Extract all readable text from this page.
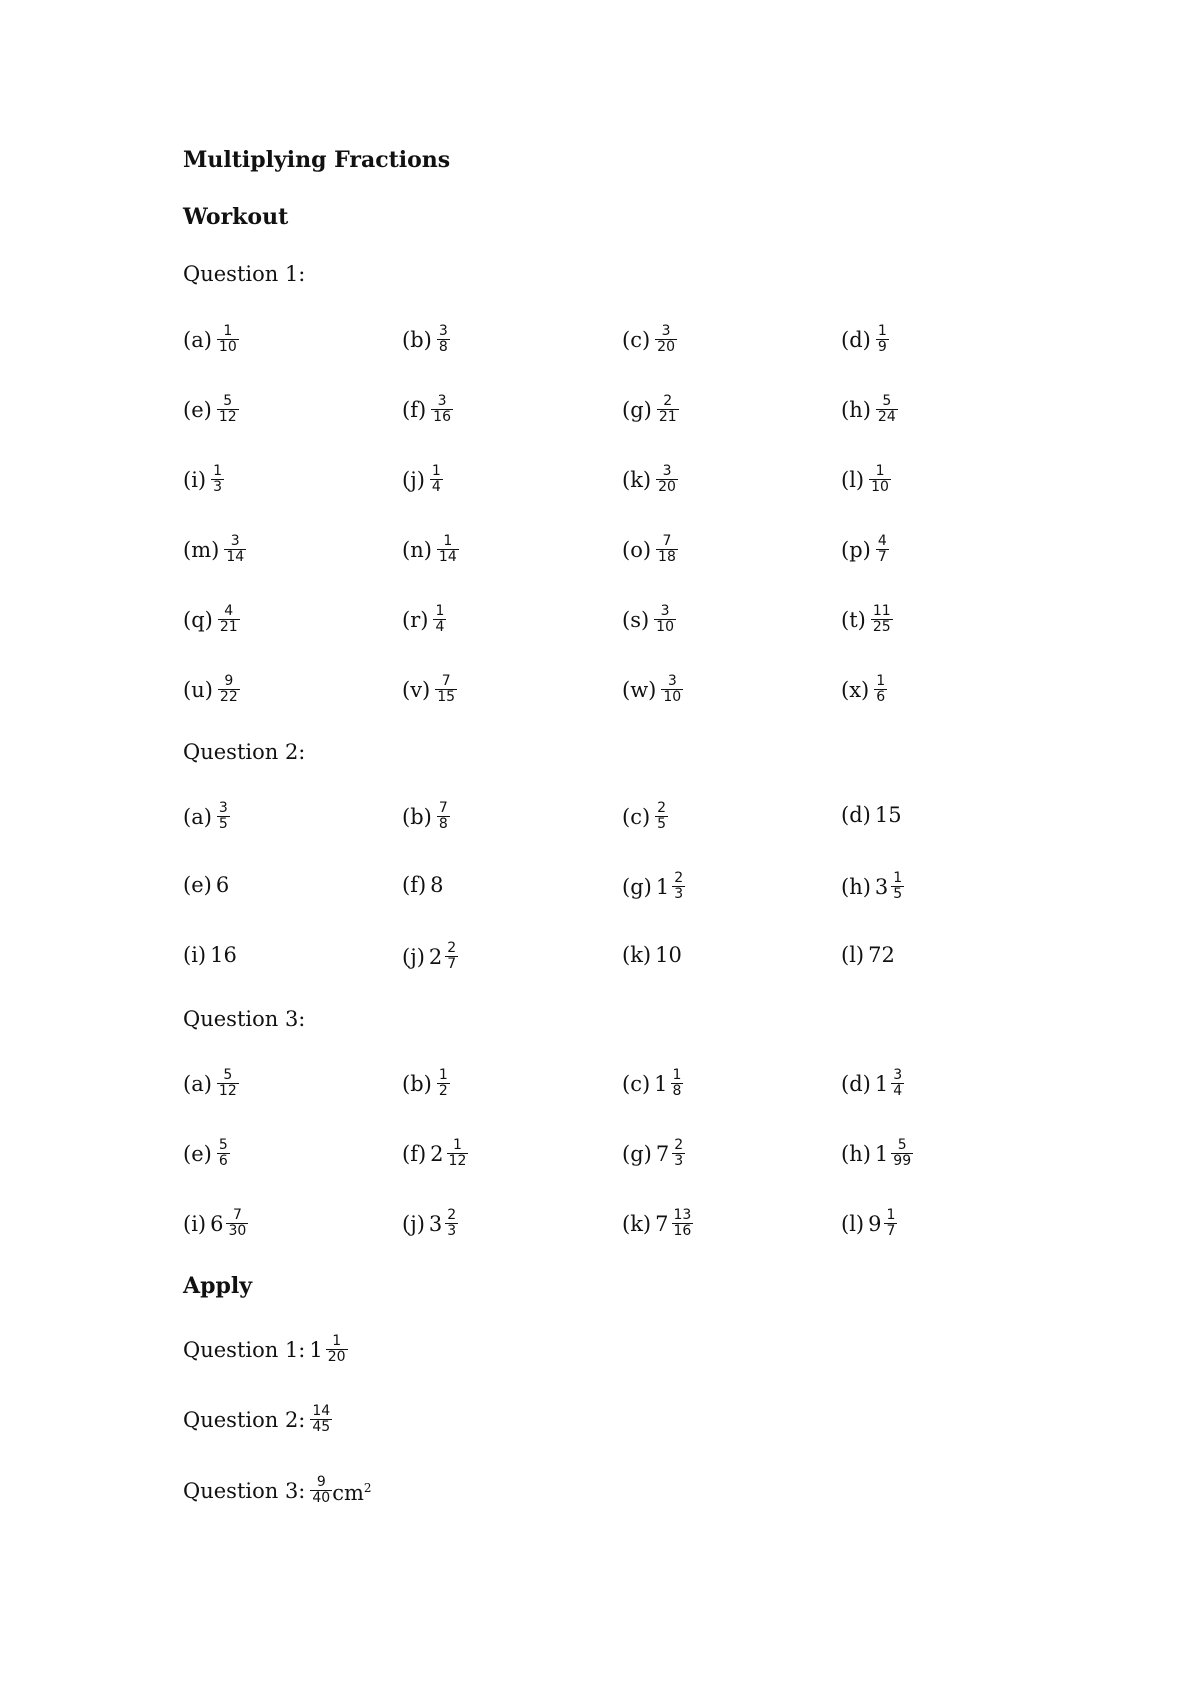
Multiplying Fractions
Workout
Question 1:
$(a) \frac{1}{10}$	$(b) \frac{3}{8}$	$(c) \frac{3}{20}$	$(d) \frac{1}{9}$
$(e) \frac{5}{12}$	$(f) \frac{3}{16}$	$(g) \frac{2}{21}$	$(h) \frac{5}{24}$
$(i) \frac{1}{3}$	$(j) \frac{1}{4}$	$(k) \frac{3}{20}$	$(l) \frac{1}{10}$
$(m) \frac{3}{14}$	$(n) \frac{1}{14}$	$(o) \frac{7}{18}$	$(p) \frac{4}{7}$
$(q) \frac{4}{21}$	$(r) \frac{1}{4}$	$(s) \frac{3}{10}$	$(t) \frac{11}{25}$
$(u) \frac{9}{22}$	$(v) \frac{7}{15}$	$(w) \frac{3}{10}$	$(x) \frac{1}{6}$
Question 2:
$(a) \frac{3}{5}$	$(b) \frac{7}{8}$	$(c) \frac{2}{5}$	(d) 15
(e) 6	(f) 8	(g) $1 \frac{2}{3}$	(h) $3 \frac{1}{5}$
(i) 16	(j) $2 \frac{2}{7}$	(k) 10	(l) 72
Question 3:
$(a) \frac{5}{12}$	$(b) \frac{1}{2}$	(c) $1 \frac{1}{8}$	(d) $1 \frac{3}{4}$
$(e) \frac{5}{6}$	(f) $2 \frac{1}{12}$	(g) $7 \frac{2}{3}$	(h) $1 \frac{5}{99}$
(i) $6 \frac{7}{30}$	(j) $3 \frac{2}{3}$	(k) $7 \frac{13}{16}$	(l) $9 \frac{1}{7}$
Apply
Question 1: $1 \frac{1}{20}$
Question 2: $\frac{14}{45}$
Question 3: $\frac{9}{40} cm^2$
